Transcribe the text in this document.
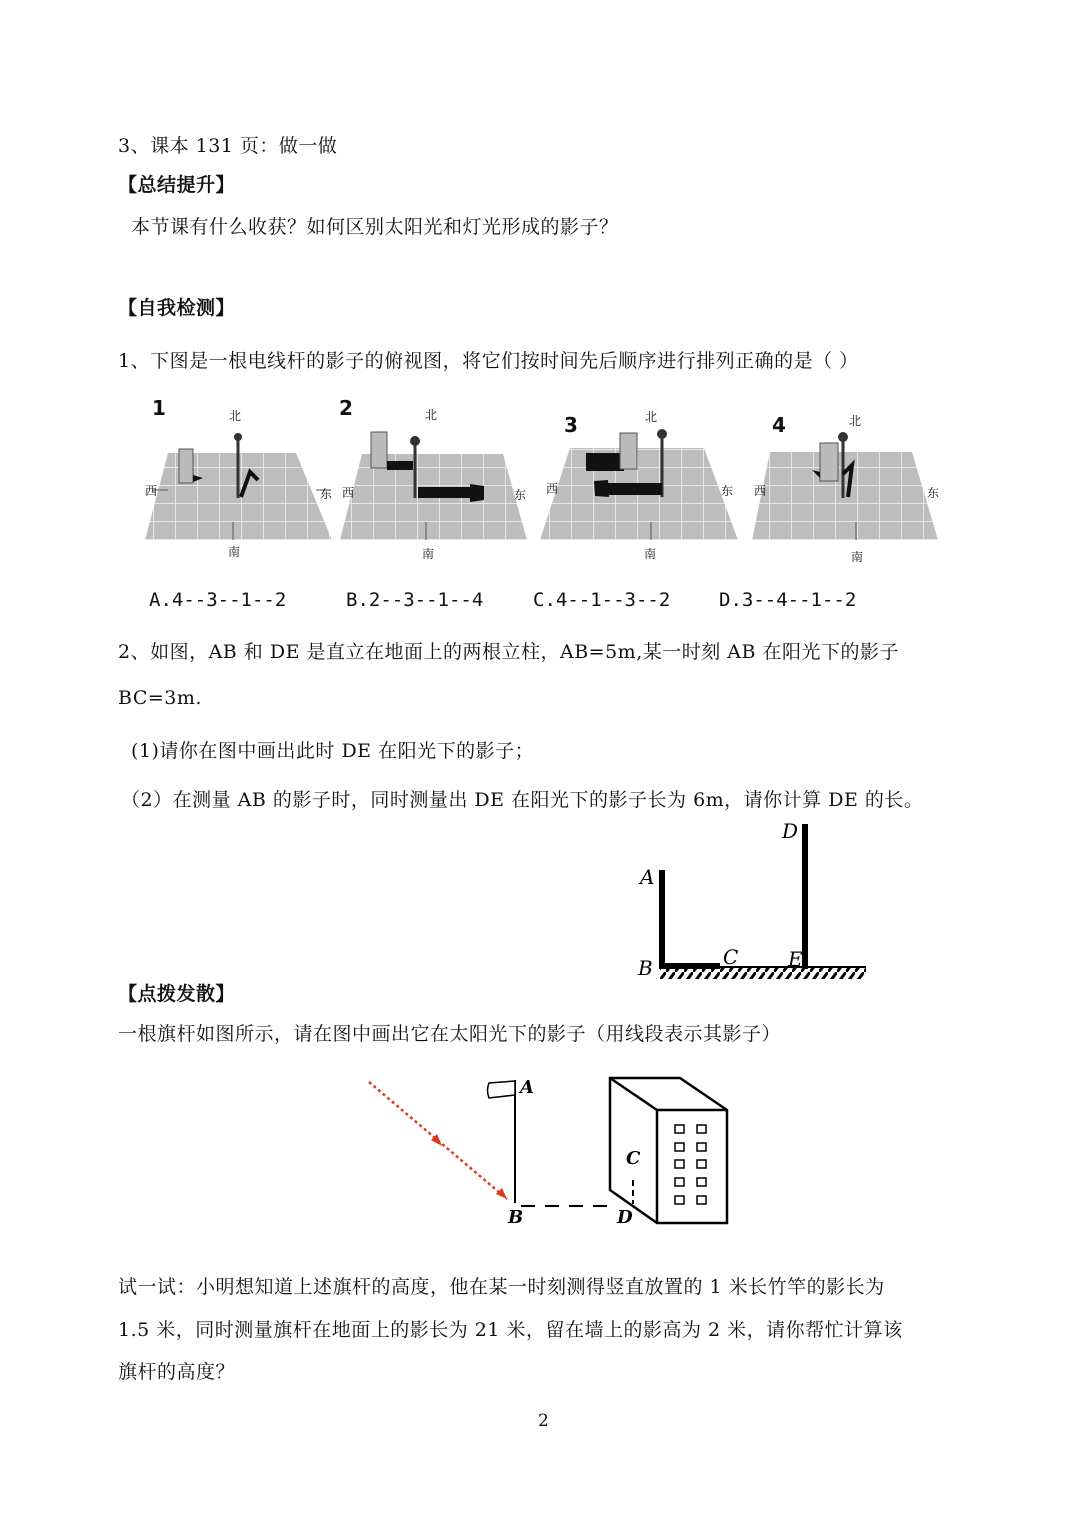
3、课本 131 页：做一做
【总结提升】
本节课有什么收获？如何区别太阳光和灯光形成的影子？
【自我检测】
1、下图是一根电线杆的影子的俯视图，将它们按时间先后顺序进行排列正确的是（ ）
1	2
3	4
北
南
西	东
北
南
西	东
北
南
西	东
北
南
西	东
A.4--3--1--2	B.2--3--1--4	C.4--1--3--2	D.3--4--1--2
2、如图，AB 和 DE 是直立在地面上的两根立柱，AB=5m,某一时刻 AB 在阳光下的影子
BC=3m.
(1)请你在图中画出此时 DE 在阳光下的影子；
（2）在测量 AB 的影子时，同时测量出 DE 在阳光下的影子长为 6m，请你计算 DE 的长。
A
B	C
D
E
【点拨发散】
一根旗杆如图所示，请在图中画出它在太阳光下的影子（用线段表示其影子）
A
B
C
D
试一试：小明想知道上述旗杆的高度，他在某一时刻测得竖直放置的 1 米长竹竿的影长为
1.5 米，同时测量旗杆在地面上的影长为 21 米，留在墙上的影高为 2 米，请你帮忙计算该
旗杆的高度？
2
